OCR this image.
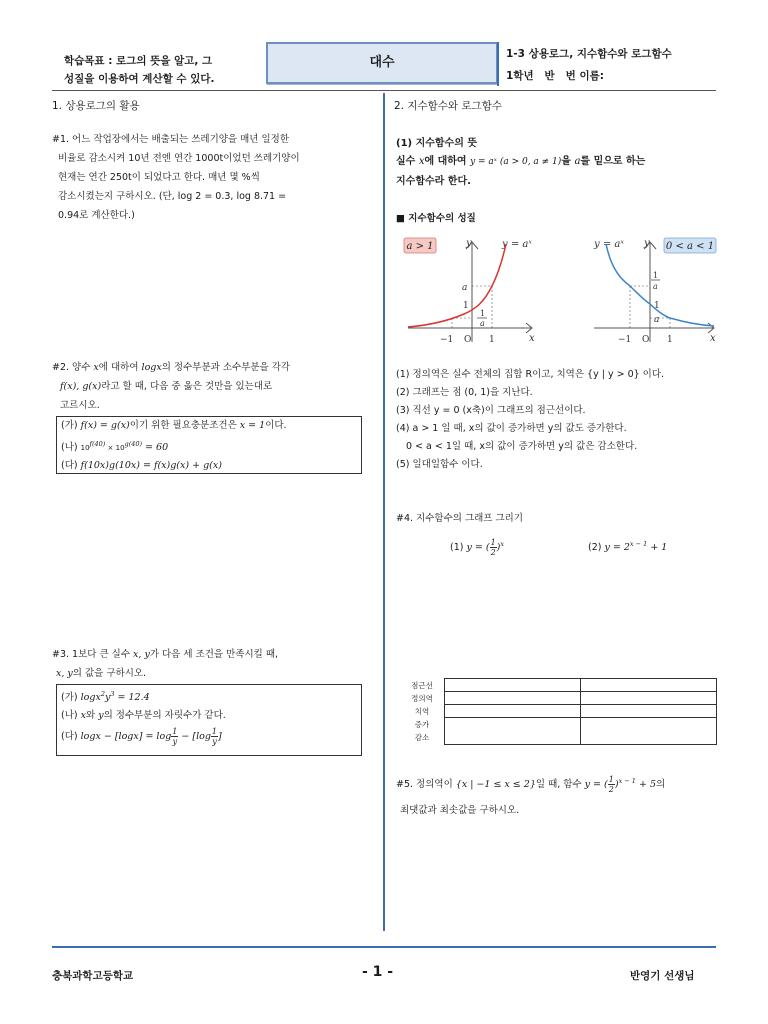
학습목표 : 로그의 뜻을 알고, 그
성질을 이용하여 계산할 수 있다.
대수
1-3 상용로그, 지수함수와 로그함수
1학년   반   번 이름:
1. 상용로그의 활용
#1. 어느 작업장에서는 배출되는 쓰레기양을 매년 일정한
비율로 감소시켜 10년 전엔 연간 1000t이었던 쓰레기양이
현재는 연간 250t이 되었다고 한다. 매년 몇 %씩
감소시켰는지 구하시오. (단, log 2 = 0.3, log 8.71 =
0.94로 계산한다.)
#2. 양수 x에 대하여 logx의 정수부분과 소수부분을 각각
f(x), g(x)라고 할 때, 다음 중 옳은 것만을 있는대로
고르시오.
(가) f(x) = g(x)이기 위한 필요충분조건은 x = 1이다.
(나) $10^{f(40)} \times 10^{g(40)} = 60$
(다) f(10x)g(10x) = f(x)g(x) + g(x)
#3. 1보다 큰 실수 x, y가 다음 세 조건을 만족시킬 때,
x, y의 값을 구하시오.
(가) $\log x^2y^3 = 12.4$
(나) x와 y의 정수부분의 자릿수가 같다.
(다) $\log x - [\log x] = \log \frac{1}{y} - [\log \frac{1}{y}$ ]
2. 지수함수와 로그함수
(1) 지수함수의 뜻
실수 x에 대하여 y = aˣ (a > 0, a ≠ 1)을 a를 밑으로 하는
지수함수라 한다.
■ 지수함수의 성질
a > 1	y	y = aˣ
a
1
1
a
−1 O 1	x
0 < a < 1
y = aˣ y
1
a
1
a
−1 O 1	x
(1) 정의역은 실수 전체의 집합 R이고, 치역은 {y | y > 0} 이다.
(2) 그래프는 점 (0, 1)을 지난다.
(3) 직선 y = 0 (x축)이 그래프의 점근선이다.
(4) a > 1 일 때, x의 값이 증가하면 y의 값도 증가한다.
0 < a < 1일 때, x의 값이 증가하면 y의 값은 감소한다.
(5) 일대일함수 이다.
#4. 지수함수의 그래프 그리기
(1) y = ( $\frac{1}{2} )^x$	(2) $y = 2^{x - 1} + 1$
점근선
정의역
치역
증가
감소

#5. 정의역이 {x | −1 ≤ x ≤ 2}일 때, 함수 y = ( $\frac{1}{2} )^{x - 1} + 5$의
최댓값과 최솟값을 구하시오.
충북과학고등학교	- 1 -	반영기 선생님
